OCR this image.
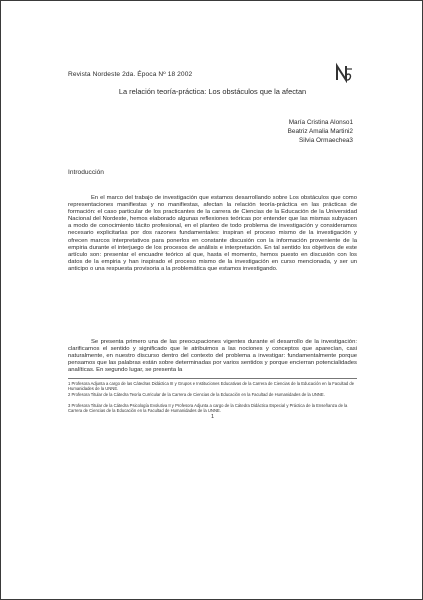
Revista Nordeste 2da. Época Nº 18 2002
La relación teoría-práctica: Los obstáculos que la afectan
María Cristina Alonso1
Beatriz Amalia Martini2
Silvia Ormaechea3
Introducción

En el marco del trabajo de investigación que estamos desarrollando sobre Los obstáculos que como representaciones manifiestas y no manifiestas, afectan la relación teoría-práctica en las prácticas de formación: el caso particular de los practicantes de la carrera de Ciencias de la Educación de la Universidad Nacional del Nordeste, hemos elaborado algunas reflexiones teóricas por entender que las mismas subyacen a modo de conocimiento tácito profesional, en el planteo de todo problema de investigación y consideramos necesario explicitarlas por dos razones fundamentales: inspiran el proceso mismo de la investigación y ofrecen marcos interpretativos para ponerlos en constante discusión con la información proveniente de la empiria durante el interjuego de los procesos de análisis e interpretación. En tal sentido los objetivos de este artículo son: presentar el encuadre teórico al que, hasta el momento, hemos puesto en discusión con los datos de la empiria y han inspirado el proceso mismo de la investigación en curso mencionada, y ser un anticipo o una respuesta provisoria a la problemática que estamos investigando.

Se presenta primero una de las preocupaciones vigentes durante el desarrollo de la investigación: clarificarnos el sentido y significado que le atribuimos a las nociones y conceptos que aparecían, casi naturalmente, en nuestro discurso dentro del contexto del problema a investigar: fundamentalmente porque pensamos que las palabras están sobre determinadas por varios sentidos y porque encierran potencialidades analíticas. En segundo lugar, se presenta la

1 Profesora Adjunta a cargo de las Cátedras Didáctica III y Grupos e Instituciones Educativas de la Carrera de Ciencias de la Educación en la Facultad de Humanidades de la UNNE.

2 Profesora Titular de la Cátedra Teoría Curricular de la Carrera de Ciencias de la Educación en la Facultad de Humanidades de la UNNE.

3 Profesora Titular de la Cátedra Psicología Evolutiva II y Profesora Adjunta a cargo de la Cátedra Didáctica Especial y Práctica de la Enseñanza de la Carrera de Ciencias de la Educación en la Facultad de Humanidades de la UNNE.

1
